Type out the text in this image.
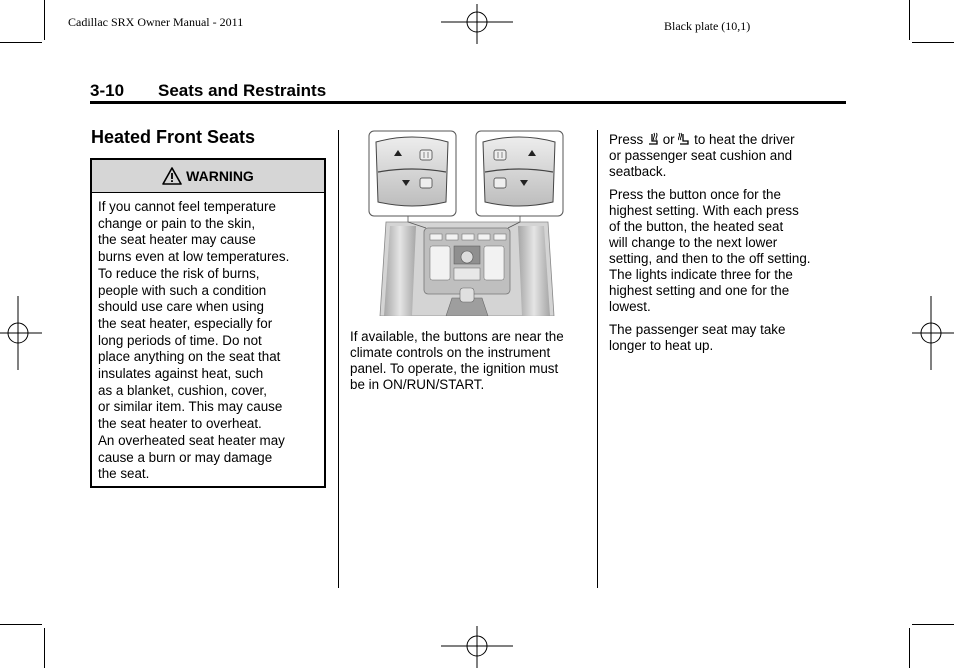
Cadillac SRX Owner Manual - 2011	Black plate (10,1)
3-10 Seats and Restraints
Heated Front Seats
WARNING
If you cannot feel temperature
change or pain to the skin,
the seat heater may cause
burns even at low temperatures.
To reduce the risk of burns,
people with such a condition
should use care when using
the seat heater, especially for
long periods of time. Do not
place anything on the seat that
insulates against heat, such
as a blanket, cushion, cover,
or similar item. This may cause
the seat heater to overheat.
An overheated seat heater may
cause a burn or may damage
the seat.
If available, the buttons are near the
climate controls on the instrument
panel. To operate, the ignition must
be in ON/RUN/START.
Press or to heat the driver
or passenger seat cushion and
seatback.
Press the button once for the
highest setting. With each press
of the button, the heated seat
will change to the next lower
setting, and then to the off setting.
The lights indicate three for the
highest setting and one for the
lowest.
The passenger seat may take
longer to heat up.
